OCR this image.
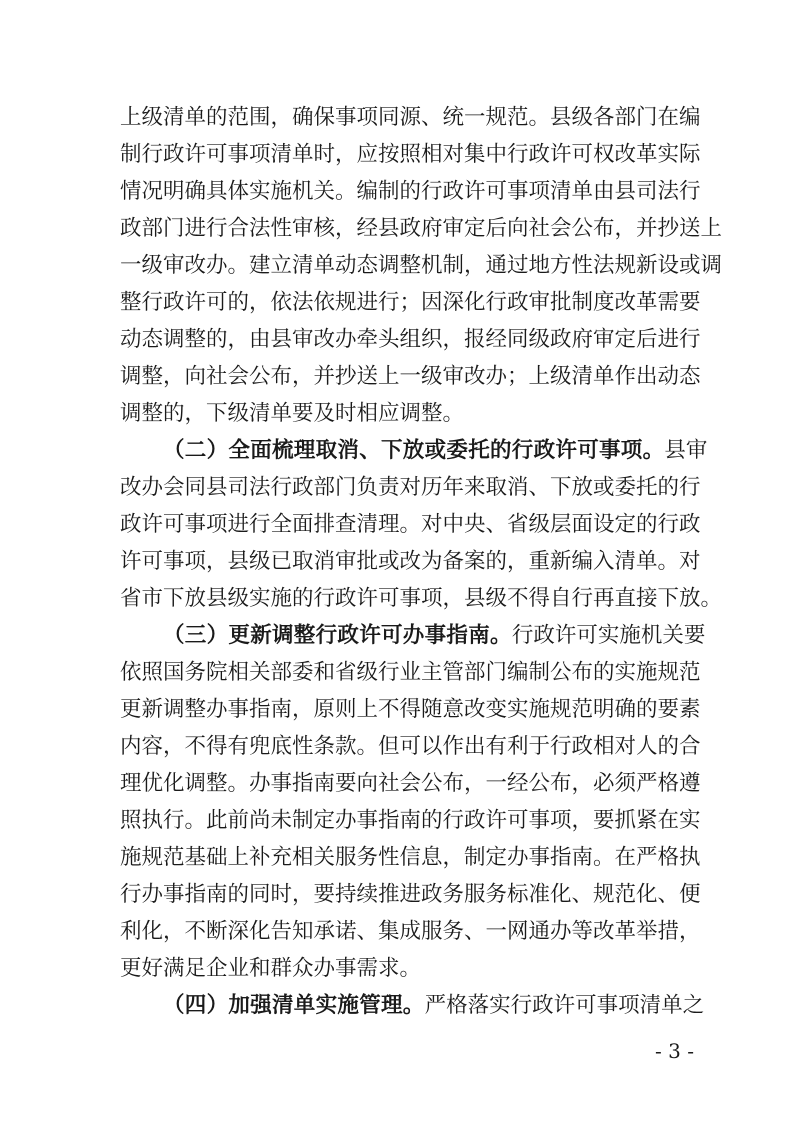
上级清单的范围，确保事项同源、统一规范。县级各部门在编
制行政许可事项清单时，应按照相对集中行政许可权改革实际
情况明确具体实施机关。编制的行政许可事项清单由县司法行
政部门进行合法性审核，经县政府审定后向社会公布，并抄送上
一级审改办。建立清单动态调整机制，通过地方性法规新设或调
整行政许可的，依法依规进行；因深化行政审批制度改革需要
动态调整的，由县审改办牵头组织，报经同级政府审定后进行
调整，向社会公布，并抄送上一级审改办；上级清单作出动态
调整的，下级清单要及时相应调整。
（二）全面梳理取消、下放或委托的行政许可事项。县审
改办会同县司法行政部门负责对历年来取消、下放或委托的行
政许可事项进行全面排查清理。对中央、省级层面设定的行政
许可事项，县级已取消审批或改为备案的，重新编入清单。对
省市下放县级实施的行政许可事项，县级不得自行再直接下放。
（三）更新调整行政许可办事指南。行政许可实施机关要
依照国务院相关部委和省级行业主管部门编制公布的实施规范
更新调整办事指南，原则上不得随意改变实施规范明确的要素
内容，不得有兜底性条款。但可以作出有利于行政相对人的合
理优化调整。办事指南要向社会公布，一经公布，必须严格遵
照执行。此前尚未制定办事指南的行政许可事项，要抓紧在实
施规范基础上补充相关服务性信息，制定办事指南。在严格执
行办事指南的同时，要持续推进政务服务标准化、规范化、便
利化，不断深化告知承诺、集成服务、一网通办等改革举措，
更好满足企业和群众办事需求。
（四）加强清单实施管理。严格落实行政许可事项清单之
- 3 -
